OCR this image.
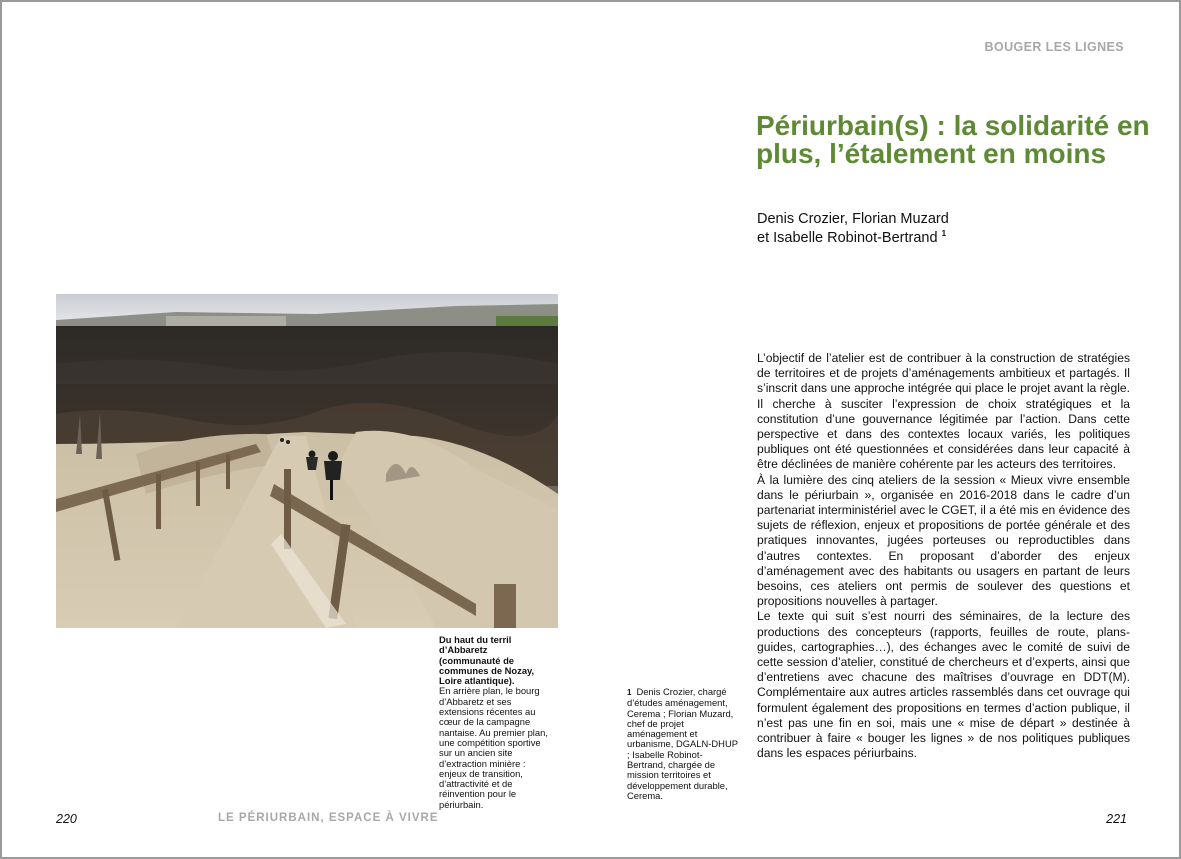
BOUGER LES LIGNES
Périurbain(s) : la solidarité en plus, l’étalement en moins
Denis Crozier, Florian Muzard
et Isabelle Robinot-Bertrand $^1$

L’objectif de l’atelier est de contribuer à la construction de stratégies de territoires et de projets d’aménagements ambitieux et partagés. Il s’inscrit dans une approche intégrée qui place le projet avant la règle. Il cherche à susciter l’expression de choix stratégiques et la constitution d’une gouvernance légitimée par l’action. Dans cette perspective et dans des contextes locaux variés, les politiques publiques ont été questionnées et considérées dans leur capacité à être déclinées de manière cohérente par les acteurs des territoires.

À la lumière des cinq ateliers de la session « Mieux vivre ensemble dans le périurbain », organisée en 2016-2018 dans le cadre d’un partenariat interministériel avec le CGET, il a été mis en évidence des sujets de réflexion, enjeux et propositions de portée générale et des pratiques innovantes, jugées porteuses ou reproductibles dans d’autres contextes. En proposant d’aborder des enjeux d’aménagement avec des habitants ou usagers en partant de leurs besoins, ces ateliers ont permis de soulever des questions et propositions nouvelles à partager.

Le texte qui suit s’est nourri des séminaires, de la lecture des productions des concepteurs (rapports, feuilles de route, plans-guides, cartographies…), des échanges avec le comité de suivi de cette session d’atelier, constitué de chercheurs et d’experts, ainsi que d’entretiens avec chacune des maîtrises d’ouvrage en DDT(M). Complémentaire aux autres articles rassemblés dans cet ouvrage qui formulent également des propositions en termes d’action publique, il n’est pas une fin en soi, mais une « mise de départ » destinée à contribuer à faire « bouger les lignes » de nos politiques publiques dans les espaces périurbains.

Du haut du terril d’Abbaretz (communauté de communes de Nozay, Loire atlantique).
En arrière plan, le bourg d’Abbaretz et ses extensions récentes au cœur de la campagne nantaise. Au premier plan, une compétition sportive sur un ancien site d’extraction minière : enjeux de transition, d’attractivité et de réinvention pour le périurbain.
1 Denis Crozier, chargé d’études aménagement, Cerema ; Florian Muzard, chef de projet aménagement et urbanisme, DGALN-DHUP ; Isabelle Robinot-Bertrand, chargée de mission territoires et développement durable, Cerema.
220	LE PÉRIURBAIN, ESPACE À VIVRE	221
